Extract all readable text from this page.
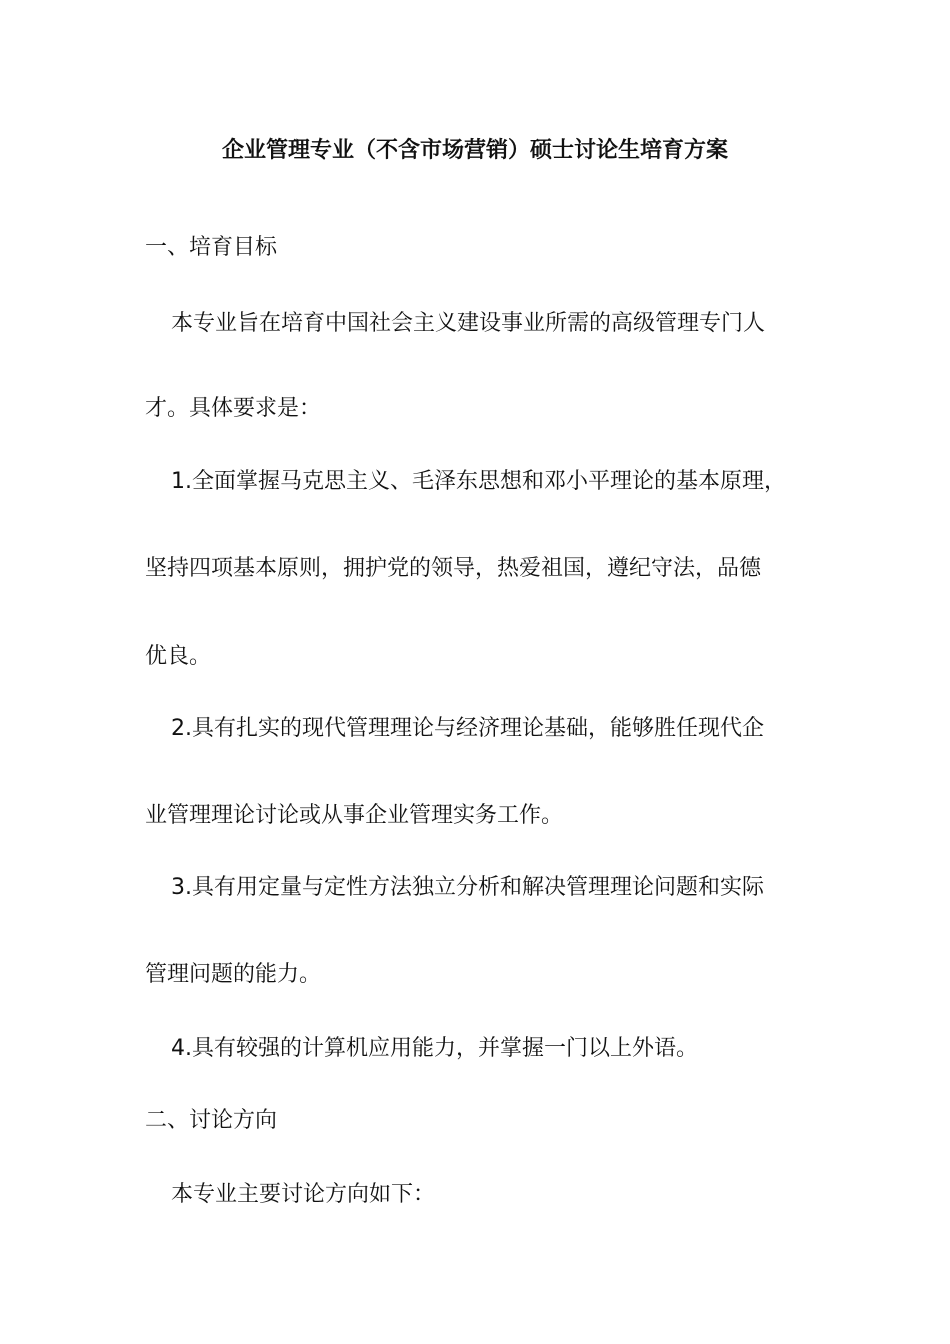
企业管理专业（不含市场营销）硕士讨论生培育方案
一、培育目标
本专业旨在培育中国社会主义建设事业所需的高级管理专门人
才。具体要求是：
1.全面掌握马克思主义、毛泽东思想和邓小平理论的基本原理，
坚持四项基本原则，拥护党的领导，热爱祖国，遵纪守法，品德
优良。
2.具有扎实的现代管理理论与经济理论基础，能够胜任现代企
业管理理论讨论或从事企业管理实务工作。
3.具有用定量与定性方法独立分析和解决管理理论问题和实际
管理问题的能力。
4.具有较强的计算机应用能力，并掌握一门以上外语。
二、讨论方向
本专业主要讨论方向如下：
